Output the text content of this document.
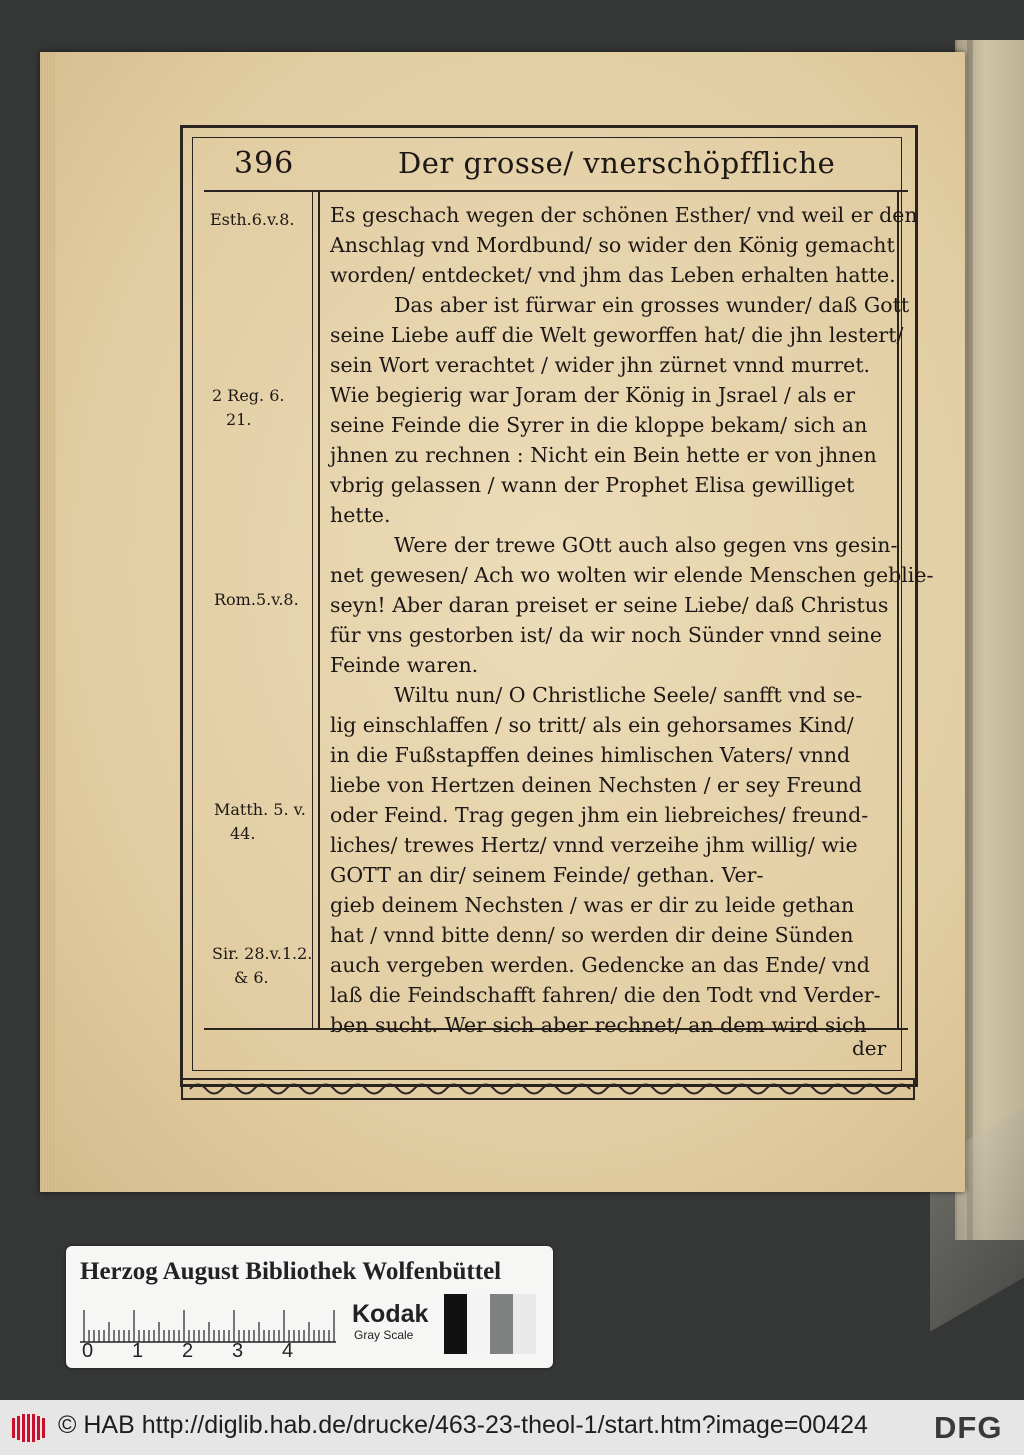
396	Der grosse/ vnerschöpffliche
Esth.6.v.8.
2 Reg. 6.
21.
Rom.5.v.8.
Matth. 5. v.
44.
Sir. 28.v.1.2.
& 6.
Es geschach wegen der schönen Esther/ vnd weil er den
Anschlag vnd Mordbund/ so wider den König gemacht
worden/ entdecket/ vnd jhm das Leben erhalten hatte.
Das aber ist fürwar ein grosses wunder/ daß Gott
seine Liebe auff die Welt geworffen hat/ die jhn lestert/
sein Wort verachtet / wider jhn zürnet vnnd murret.
Wie begierig war Joram der König in Jsrael / als er
seine Feinde die Syrer in die kloppe bekam/ sich an
jhnen zu rechnen : Nicht ein Bein hette er von jhnen
vbrig gelassen / wann der Prophet Elisa gewilliget
hette.
Were der trewe GOtt auch also gegen vns gesin-
net gewesen/ Ach wo wolten wir elende Menschen geblie-
seyn! Aber daran preiset er seine Liebe/ daß Christus
für vns gestorben ist/ da wir noch Sünder vnnd seine
Feinde waren.
Wiltu nun/ O Christliche Seele/ sanfft vnd se-
lig einschlaffen / so tritt/ als ein gehorsames Kind/
in die Fußstapffen deines himlischen Vaters/ vnnd
liebe von Hertzen deinen Nechsten / er sey Freund
oder Feind. Trag gegen jhm ein liebreiches/ freund-
liches/ trewes Hertz/ vnnd verzeihe jhm willig/ wie
GOTT an dir/ seinem Feinde/ gethan. Ver-
gieb deinem Nechsten / was er dir zu leide gethan
hat / vnnd bitte denn/ so werden dir deine Sünden
auch vergeben werden. Gedencke an das Ende/ vnd
laß die Feindschafft fahren/ die den Todt vnd Verder-
ben sucht. Wer sich aber rechnet/ an dem wird sich
der
Herzog August Bibliothek Wolfenbüttel
0 1 2 3 4
Kodak
Gray Scale
© HAB http://diglib.hab.de/drucke/463-23-theol-1/start.htm?image=00424 DFG
